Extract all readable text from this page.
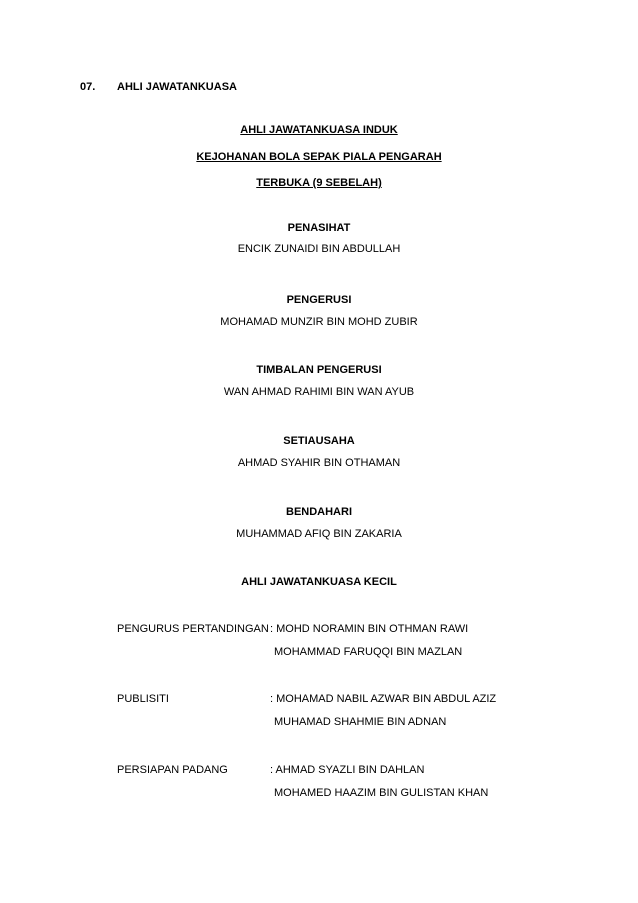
07. AHLI JAWATANKUASA
AHLI JAWATANKUASA INDUK
KEJOHANAN BOLA SEPAK PIALA PENGARAH
TERBUKA (9 SEBELAH)
PENASIHAT
ENCIK ZUNAIDI BIN ABDULLAH
PENGERUSI
MOHAMAD MUNZIR BIN MOHD ZUBIR
TIMBALAN PENGERUSI
WAN AHMAD RAHIMI BIN WAN AYUB
SETIAUSAHA
AHMAD SYAHIR BIN OTHAMAN
BENDAHARI
MUHAMMAD AFIQ BIN ZAKARIA
AHLI JAWATANKUASA KECIL
PENGURUS PERTANDINGAN : MOHD NORAMIN BIN OTHMAN RAWI
MOHAMMAD FARUQQI BIN MAZLAN
PUBLISITI	: MOHAMAD NABIL AZWAR BIN ABDUL AZIZ
MUHAMAD SHAHMIE BIN ADNAN
PERSIAPAN PADANG	: AHMAD SYAZLI BIN DAHLAN
MOHAMED HAAZIM BIN GULISTAN KHAN
